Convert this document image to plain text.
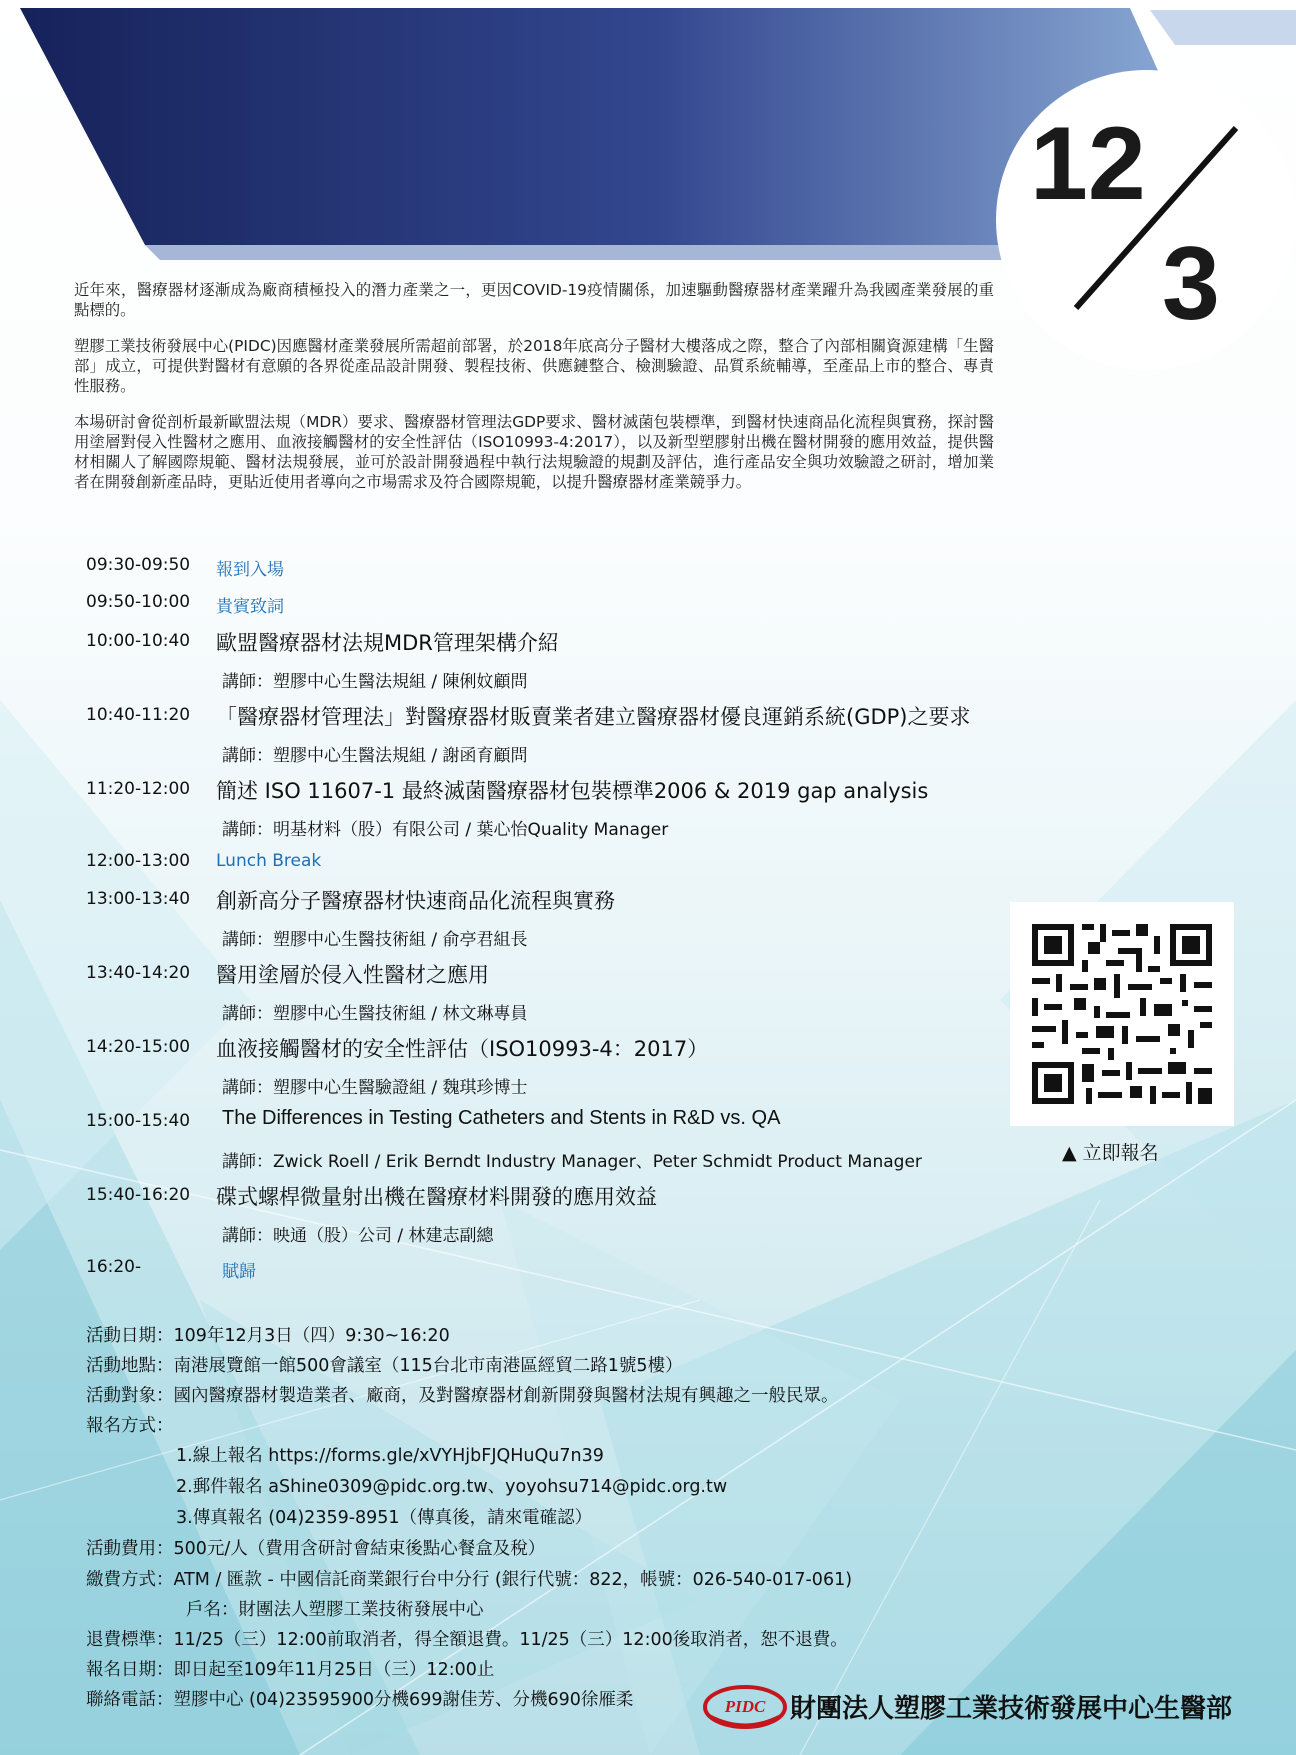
12
3

近年來，醫療器材逐漸成為廠商積極投入的潛力產業之一，更因COVID-19疫情關係，加速驅動醫療器材產業躍升為我國產業發展的重點標的。

塑膠工業技術發展中心(PIDC)因應醫材產業發展所需超前部署，於2018年底高分子醫材大樓落成之際，整合了內部相關資源建構「生醫部」成立，可提供對醫材有意願的各界從產品設計開發、製程技術、供應鏈整合、檢測驗證、品質系統輔導，至產品上市的整合、專責性服務。

本場研討會從剖析最新歐盟法規（MDR）要求、醫療器材管理法GDP要求、醫材滅菌包裝標準，到醫材快速商品化流程與實務，探討醫用塗層對侵入性醫材之應用、血液接觸醫材的安全性評估（ISO10993-4:2017），以及新型塑膠射出機在醫材開發的應用效益，提供醫材相關人了解國際規範、醫材法規發展，並可於設計開發過程中執行法規驗證的規劃及評估，進行產品安全與功效驗證之研討，增加業者在開發創新產品時，更貼近使用者導向之市場需求及符合國際規範，以提升醫療器材產業競爭力。

09:30-09:50	報到入場
09:50-10:00	貴賓致詞
10:00-10:40	歐盟醫療器材法規MDR管理架構介紹
講師：塑膠中心生醫法規組 / 陳俐妏顧問
10:40-11:20	「醫療器材管理法」對醫療器材販賣業者建立醫療器材優良運銷系統(GDP)之要求
講師：塑膠中心生醫法規組 / 謝函育顧問
11:20-12:00	簡述 ISO 11607-1 最終滅菌醫療器材包裝標準2006 & 2019 gap analysis
講師：明基材料（股）有限公司 / 葉心怡Quality Manager
12:00-13:00	Lunch Break
13:00-13:40	創新高分子醫療器材快速商品化流程與實務
講師：塑膠中心生醫技術組 / 俞亭君組長
13:40-14:20	醫用塗層於侵入性醫材之應用
講師：塑膠中心生醫技術組 / 林文琳專員
14:20-15:00	血液接觸醫材的安全性評估（ISO10993-4：2017）
講師：塑膠中心生醫驗證組 / 魏琪珍博士
15:00-15:40	The Differences in Testing Catheters and Stents in R&D vs. QA
講師：Zwick Roell / Erik Berndt Industry Manager、Peter Schmidt Product Manager
15:40-16:20	碟式螺桿微量射出機在醫療材料開發的應用效益
講師：映通（股）公司 / 林建志副總
16:20-	賦歸
▲ 立即報名
活動日期：109年12月3日（四）9:30~16:20
活動地點：南港展覽館一館500會議室（115台北市南港區經貿二路1號5樓）
活動對象：國內醫療器材製造業者、廠商，及對醫療器材創新開發與醫材法規有興趣之一般民眾。
報名方式：
1.線上報名 https://forms.gle/xVYHjbFJQHuQu7n39
2.郵件報名 aShine0309@pidc.org.tw、yoyohsu714@pidc.org.tw
3.傳真報名 (04)2359-8951（傳真後，請來電確認）
活動費用：500元/人（費用含研討會結束後點心餐盒及稅）
繳費方式：ATM / 匯款 - 中國信託商業銀行台中分行 (銀行代號：822，帳號：026-540-017-061)
戶名：財團法人塑膠工業技術發展中心
退費標準：11/25（三）12:00前取消者，得全額退費。11/25（三）12:00後取消者，恕不退費。
報名日期：即日起至109年11月25日（三）12:00止
聯絡電話：塑膠中心 (04)23595900分機699謝佳芳、分機690徐雁柔	PIDC 財團法人塑膠工業技術發展中心生醫部
